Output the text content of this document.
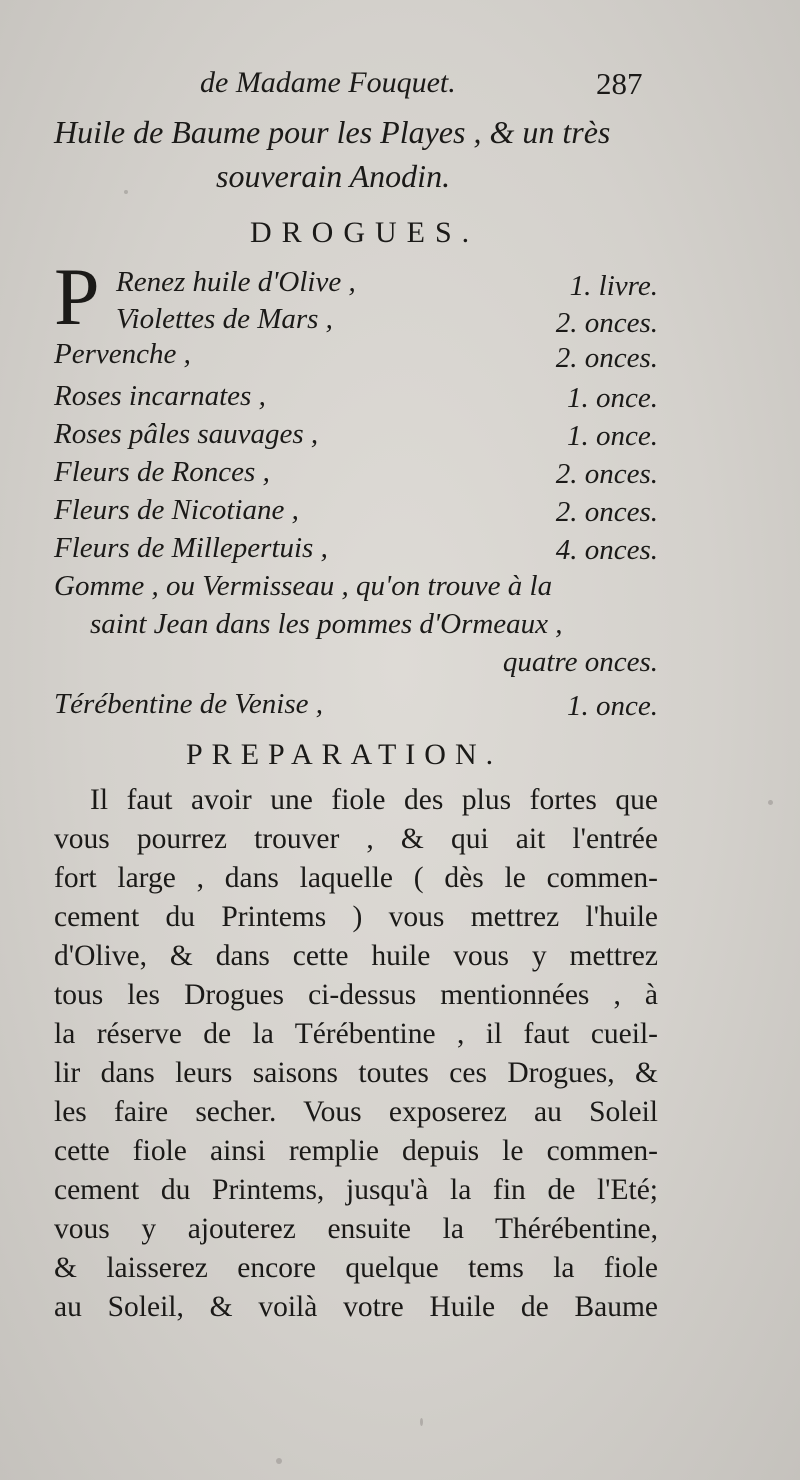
de Madame Fouquet.	287
Huile de Baume pour les Playes , & un très
souverain Anodin.
DROGUES.
P Renez huile d'Olive ,	1. livre.
Violettes de Mars ,	2. onces.
Pervenche ,	2. onces.
Roses incarnates ,	1. once.
Roses pâles sauvages ,	1. once.
Fleurs de Ronces ,	2. onces.
Fleurs de Nicotiane ,	2. onces.
Fleurs de Millepertuis ,	4. onces.
Gomme , ou Vermisseau , qu'on trouve à la
saint Jean dans les pommes d'Ormeaux ,
quatre onces.
Térébentine de Venise ,	1. once.
PREPARATION.
Il faut avoir une fiole des plus fortes que
vous pourrez trouver , & qui ait l'entrée
fort large , dans laquelle ( dès le commen-
cement du Printems ) vous mettrez l'huile
d'Olive, & dans cette huile vous y mettrez
tous les Drogues ci-dessus mentionnées , à
la réserve de la Térébentine , il faut cueil-
lir dans leurs saisons toutes ces Drogues, &
les faire secher. Vous exposerez au Soleil
cette fiole ainsi remplie depuis le commen-
cement du Printems, jusqu'à la fin de l'Eté;
vous y ajouterez ensuite la Thérébentine,
& laisserez encore quelque tems la fiole
au Soleil, & voilà votre Huile de Baume
